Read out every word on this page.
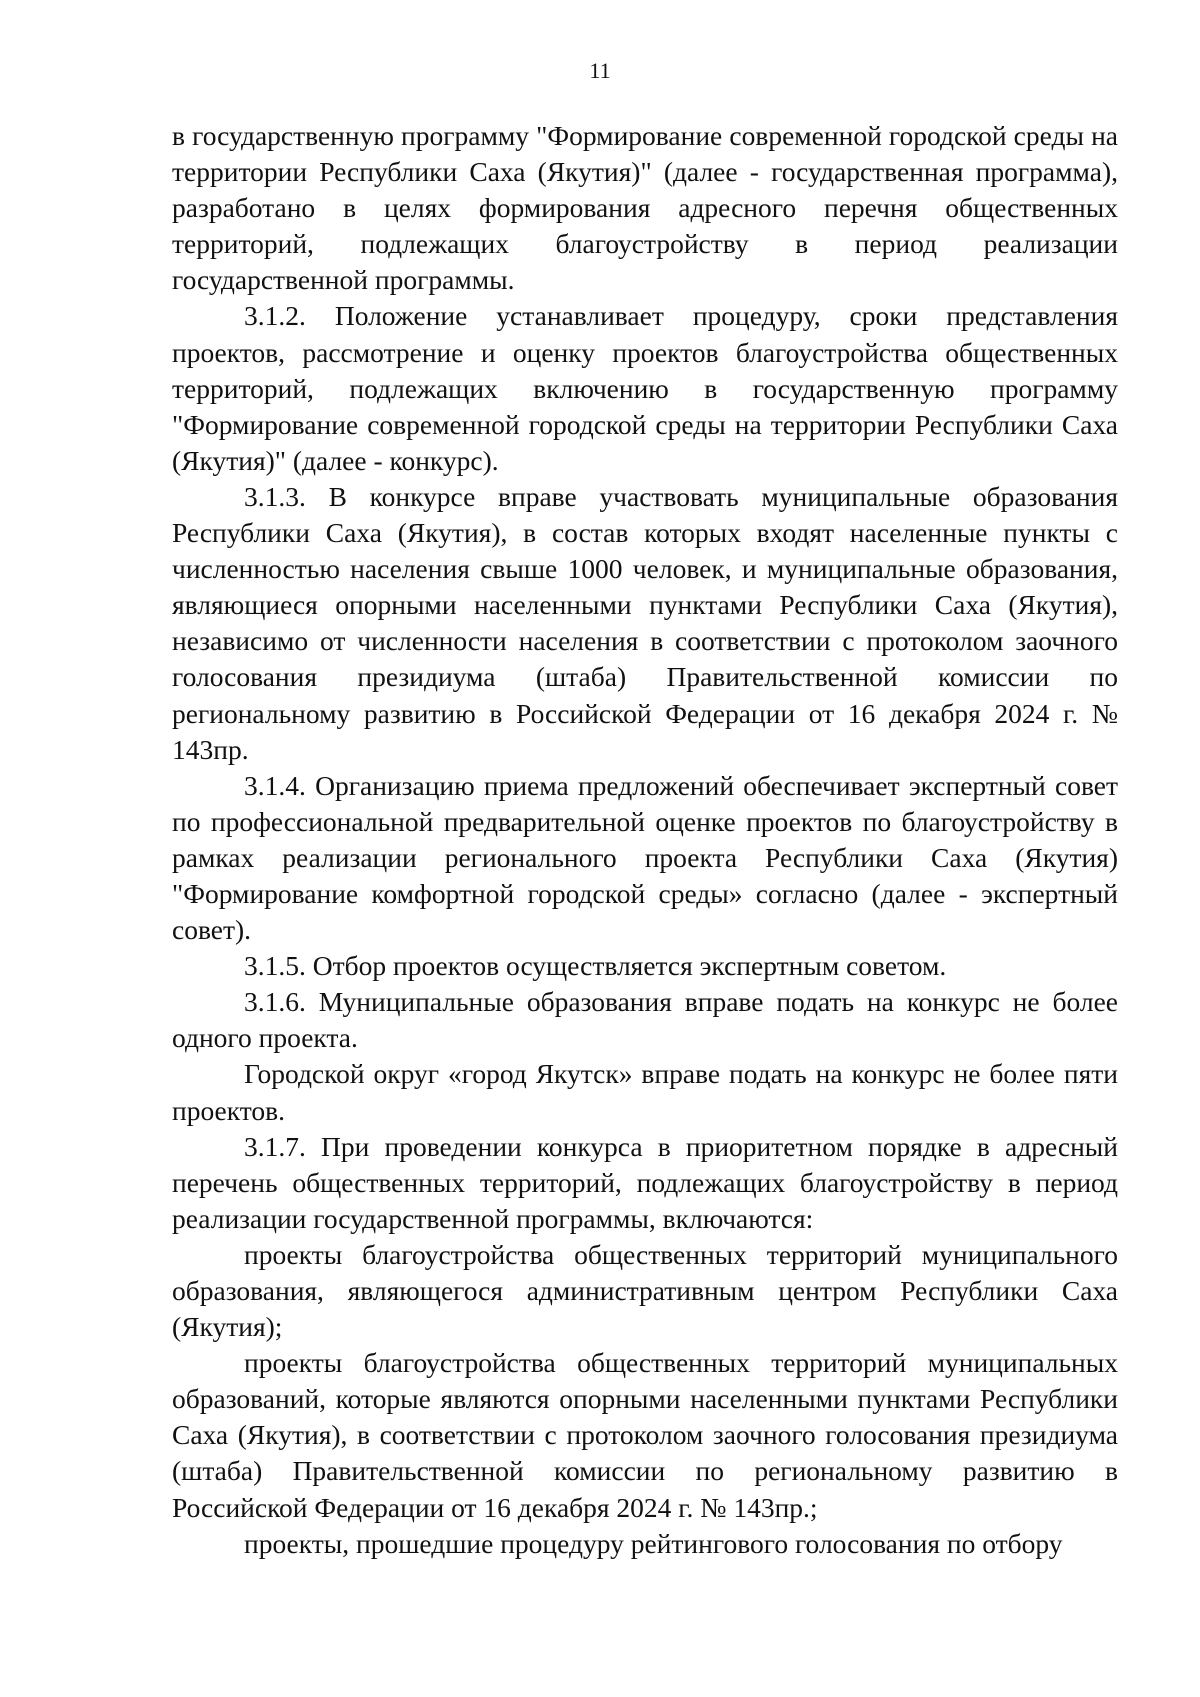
11

в государственную программу "Формирование современной городской среды на территории Республики Саха (Якутия)" (далее - государственная программа), разработано в целях формирования адресного перечня общественных территорий, подлежащих благоустройству в период реализации государственной программы.

3.1.2. Положение устанавливает процедуру, сроки представления проектов, рассмотрение и оценку проектов благоустройства общественных территорий, подлежащих включению в государственную программу "Формирование современной городской среды на территории Республики Саха (Якутия)" (далее - конкурс).

3.1.3. В конкурсе вправе участвовать муниципальные образования Республики Саха (Якутия), в состав которых входят населенные пункты с численностью населения свыше 1000 человек, и муниципальные образования, являющиеся опорными населенными пунктами Республики Саха (Якутия), независимо от численности населения в соответствии с протоколом заочного голосования президиума (штаба) Правительственной комиссии по региональному развитию в Российской Федерации от 16 декабря 2024 г. № 143пр.

3.1.4. Организацию приема предложений обеспечивает экспертный совет по профессиональной предварительной оценке проектов по благоустройству в рамках реализации регионального проекта Республики Саха (Якутия) "Формирование комфортной городской среды» согласно (далее - экспертный совет).

3.1.5. Отбор проектов осуществляется экспертным советом.

3.1.6. Муниципальные образования вправе подать на конкурс не более одного проекта.

Городской округ «город Якутск» вправе подать на конкурс не более пяти проектов.

3.1.7. При проведении конкурса в приоритетном порядке в адресный перечень общественных территорий, подлежащих благоустройству в период реализации государственной программы, включаются:

проекты благоустройства общественных территорий муниципального образования, являющегося административным центром Республики Саха (Якутия);

проекты благоустройства общественных территорий муниципальных образований, которые являются опорными населенными пунктами Республики Саха (Якутия), в соответствии с протоколом заочного голосования президиума (штаба) Правительственной комиссии по региональному развитию в Российской Федерации от 16 декабря 2024 г. № 143пр.;

проекты, прошедшие процедуру рейтингового голосования по отбору
